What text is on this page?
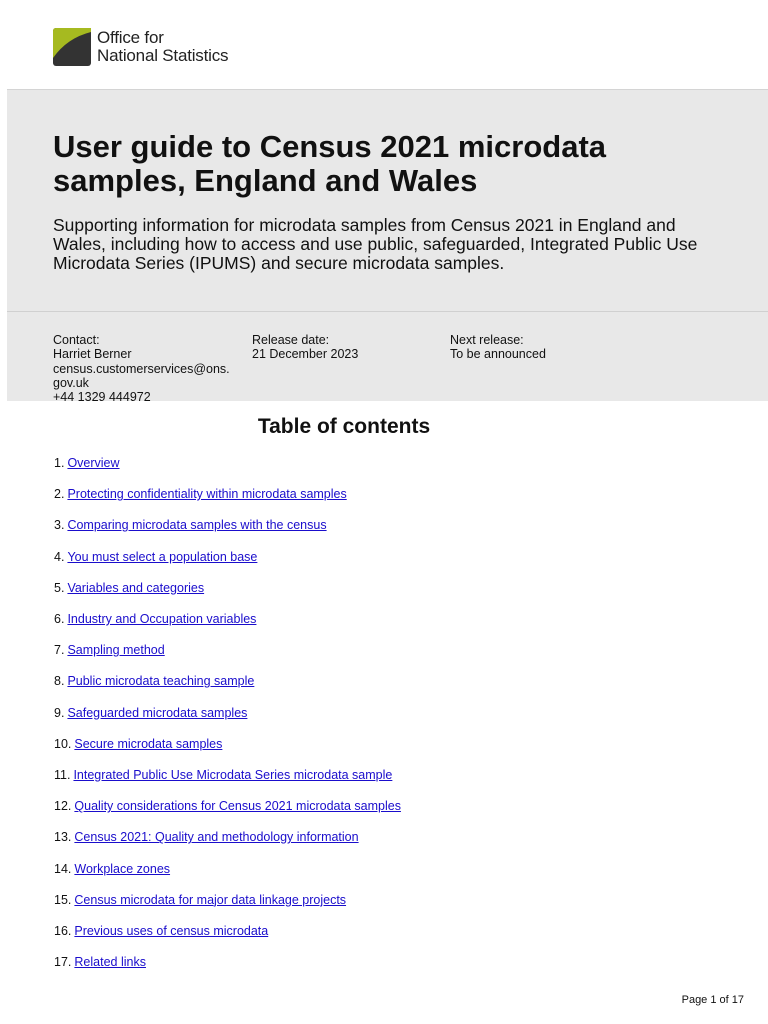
Office for
National Statistics
User guide to Census 2021 microdata samples, England and Wales

Supporting information for microdata samples from Census 2021 in England and Wales, including how to access and use public, safeguarded, Integrated Public Use Microdata Series (IPUMS) and secure microdata samples.

Contact:
Harriet Berner
census.customerservices@ons.
gov.uk
+44 1329 444972
Release date:
21 December 2023
Next release:
To be announced
Table of contents
1. Overview
2. Protecting confidentiality within microdata samples
3. Comparing microdata samples with the census
4. You must select a population base
5. Variables and categories
6. Industry and Occupation variables
7. Sampling method
8. Public microdata teaching sample
9. Safeguarded microdata samples
10. Secure microdata samples
11. Integrated Public Use Microdata Series microdata sample
12. Quality considerations for Census 2021 microdata samples
13. Census 2021: Quality and methodology information
14. Workplace zones
15. Census microdata for major data linkage projects
16. Previous uses of census microdata
17. Related links
Page 1 of 17
